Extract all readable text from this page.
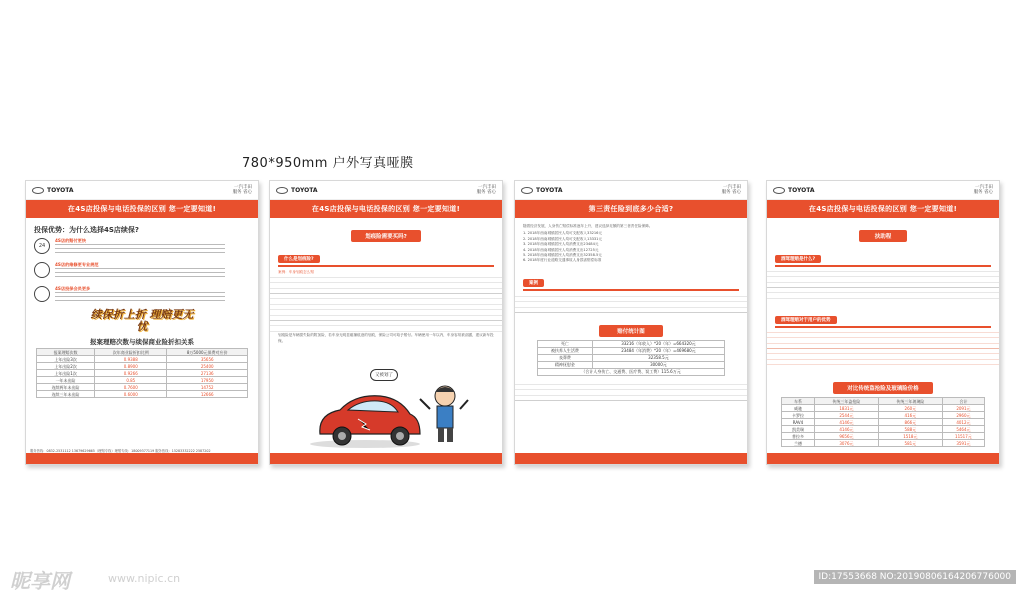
780*950mm 户外写真哑膜
TOYOTA	一汽丰田
服务 省心
在4S店投保与电话投保的区别 您一定要知道!
投保优势：为什么选择4S店续保?
24
4S店的赔付更快
4S店的维修更专业规范
4S店投保会员更多
续保折上折 理赔更无忧
报案理赔次数与续保商业险折扣关系
报案理赔次数	次年商业险折扣比例	8万5000元保费对应价
上年出险3次	0.9388	35656
上年出险2次	0.8900	25400
上年出险1次	0.9266	27136
一年未出险	0.85	17950
连续两年未出险	0.7600	14752
连续三年未出险	0.6000	12666
服务热线：0832-2531112 13679629665（理赔专线）理赔专线：18009377119 服务热线：15283332222 2587202
TOYOTA	一汽丰田
服务 省心
在4S店投保与电话投保的区别 您一定要知道!
划痕险需要买吗?
什么是划痕险?
案例：车身划痕怎么赔
划痕险是车辆损失险的附加险，若车身无明显碰撞痕迹的划痕，保险公司可给予赔付。车辆使用一年以内，车身容易被刮蹭，建议新车投保。
又被划了
TOYOTA	一汽丰田
服务 省心
第三责任险到底多少合适?
随着经济发展，人身伤亡赔偿标准逐年上升，建议选择足额的第三者责任险保障。
1. 2018年西南城镇居民人均可支配收入33216元
2. 2018年西南城镇居民人均可支配收入13331元
3. 2018年西南城镇居民人均消费支出23484元
4. 2018年西南城镇居民人均消费支出12725元
5. 2018年西南城镇居民人均消费支出32358.5元
6. 2018年度行业道路交通事故人身损害赔偿标准
案例
赔付统计图
死亡	33216（年收入）*20（年）=664320元
被扶养人生活费	23484（年消费）*20（年）=469680元
丧葬费	32358.5元
精神抚慰金	30000元
（合计人身伤亡、交通费、医疗费、误工费）115.6万元	
TOYOTA	一汽丰田
服务 省心
在4S店投保与电话投保的区别 您一定要知道!
扶助程
酒驾理赔是什么?
酒驾理赔对于用户的优势
对比传统盗抢险及玻璃险价格
车系	传统三年盗抢险	传统三年玻璃险	合计
威驰	1831元	260元	2091元
卡罗拉	2544元	416元	2960元
RAV4	4146元	866元	4012元
凯美瑞	4146元	588元	5464元
普拉多	9656元	1518元	11517元
兰德	3076元	581元	3591元
昵享网	www.nipic.cn	ID:17553668 NO:20190806164206776000
